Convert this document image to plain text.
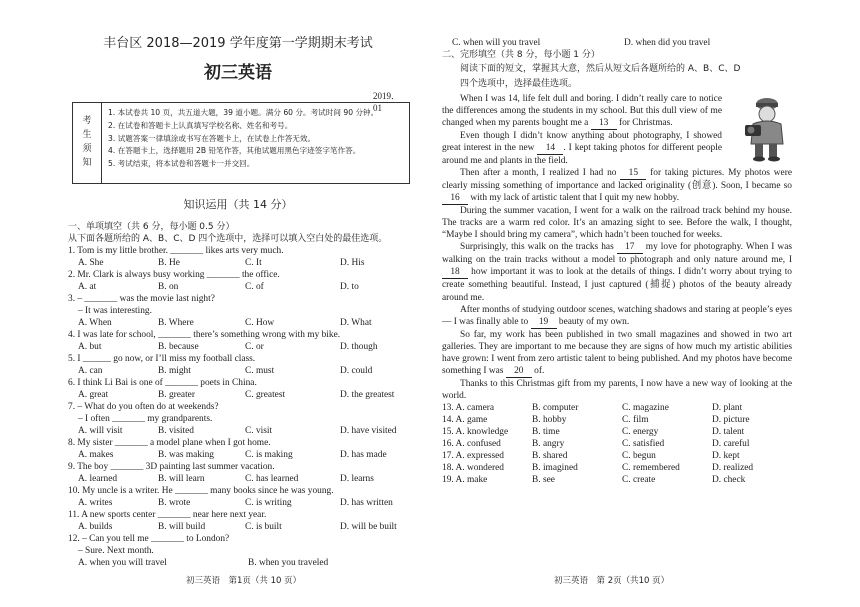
丰台区 2018—2019 学年度第一学期期末考试
初三英语
2019．01
考
生
须
知
1. 本试卷共 10 页，共五道大题，39 道小题。满分 60 分。考试时间 90 分钟。
2. 在试卷和答题卡上认真填写学校名称、姓名和考号。
3. 试题答案一律填涂或书写在答题卡上，在试卷上作答无效。
4. 在答题卡上，选择题用 2B 铅笔作答，其他试题用黑色字迹签字笔作答。
5. 考试结束，将本试卷和答题卡一并交回。
知识运用（共 14 分）
一、单项填空（共 6 分，每小题 0.5 分）
从下面各题所给的 A、B、C、D 四个选项中，选择可以填入空白处的最佳选项。
1. Tom is my little brother. _______ likes arts very much.
A. She	B. He	C. It	D. His
2. Mr. Clark is always busy working _______ the office.
A. at	B. on	C. of	D. to
3. – _______ was the movie last night?
– It was interesting.
A. When	B. Where	C. How	D. What
4. I was late for school, _______ there’s something wrong with my bike.
A. but	B. because	C. or	D. though
5. I ______ go now, or I’ll miss my football class.
A. can	B. might	C. must	D. could
6. I think Li Bai is one of _______ poets in China.
A. great	B. greater	C. greatest	D. the greatest
7. – What do you often do at weekends?
– I often _______ my grandparents.
A. will visit	B. visited	C. visit	D. have visited
8. My sister _______ a model plane when I got home.
A. makes	B. was making	C. is making	D. has made
9. The boy _______ 3D painting last summer vacation.
A. learned	B. will learn	C. has learned	D. learns
10. My uncle is a writer. He _______ many books since he was young.
A. writes	B. wrote	C. is writing	D. has written
11. A new sports center _______ near here next year.
A. builds	B. will build	C. is built	D. will be built
12. – Can you tell me _______ to London?
– Sure. Next month.
A. when you will travel	B. when you traveled
初三英语　第1页（共 10 页）
C. when will you travel	D. when did you travel
二、完形填空（共 8 分，每小题 1 分）
阅读下面的短文，掌握其大意，然后从短文后各题所给的 A、B、C、D
四个选项中，选择最佳选项。

When I was 14, life felt dull and boring. I didn’t really care to notice the differences among the students in my school. But this dull view of me changed when my parents bought me a 13 for Christmas.

Even though I didn’t know anything about photography, I showed great interest in the new 14 . I kept taking photos for different people around me and plants in the field.

Then after a month, I realized I had no 15 for taking pictures. My photos were clearly missing something of importance and lacked originality (创意). Soon, I became so 16 with my lack of artistic talent that I quit my new hobby.

During the summer vacation, I went for a walk on the railroad track behind my house. The tracks are a warm red color. It’s an amazing sight to see. Before the walk, I thought, “Maybe I should bring my camera”, which hadn’t been touched for weeks.

Surprisingly, this walk on the tracks has 17 my love for photography. When I was walking on the train tracks without a model to photograph and only nature around me, I 18 how important it was to look at the details of things. I didn’t worry about trying to create something beautiful. Instead, I just captured (捕捉) photos of the beauty already around me.

After months of studying outdoor scenes, watching shadows and staring at people’s eyes — I was finally able to 19 beauty of my own.

So far, my work has been published in two small magazines and showed in two art galleries. They are important to me because they are signs of how much my artistic abilities have grown: I went from zero artistic talent to being published. And my photos have become something I was 20 of.

Thanks to this Christmas gift from my parents, I now have a new way of looking at the world.

13. A. camera	B. computer	C. magazine	D. plant
14. A. game	B. hobby	C. film	D. picture
15. A. knowledge	B. time	C. energy	D. talent
16. A. confused	B. angry	C. satisfied	D. careful
17. A. expressed	B. shared	C. begun	D. kept
18. A. wondered	B. imagined	C. remembered	D. realized
19. A. make	B. see	C. create	D. check
初三英语　第 2页（共10 页）
